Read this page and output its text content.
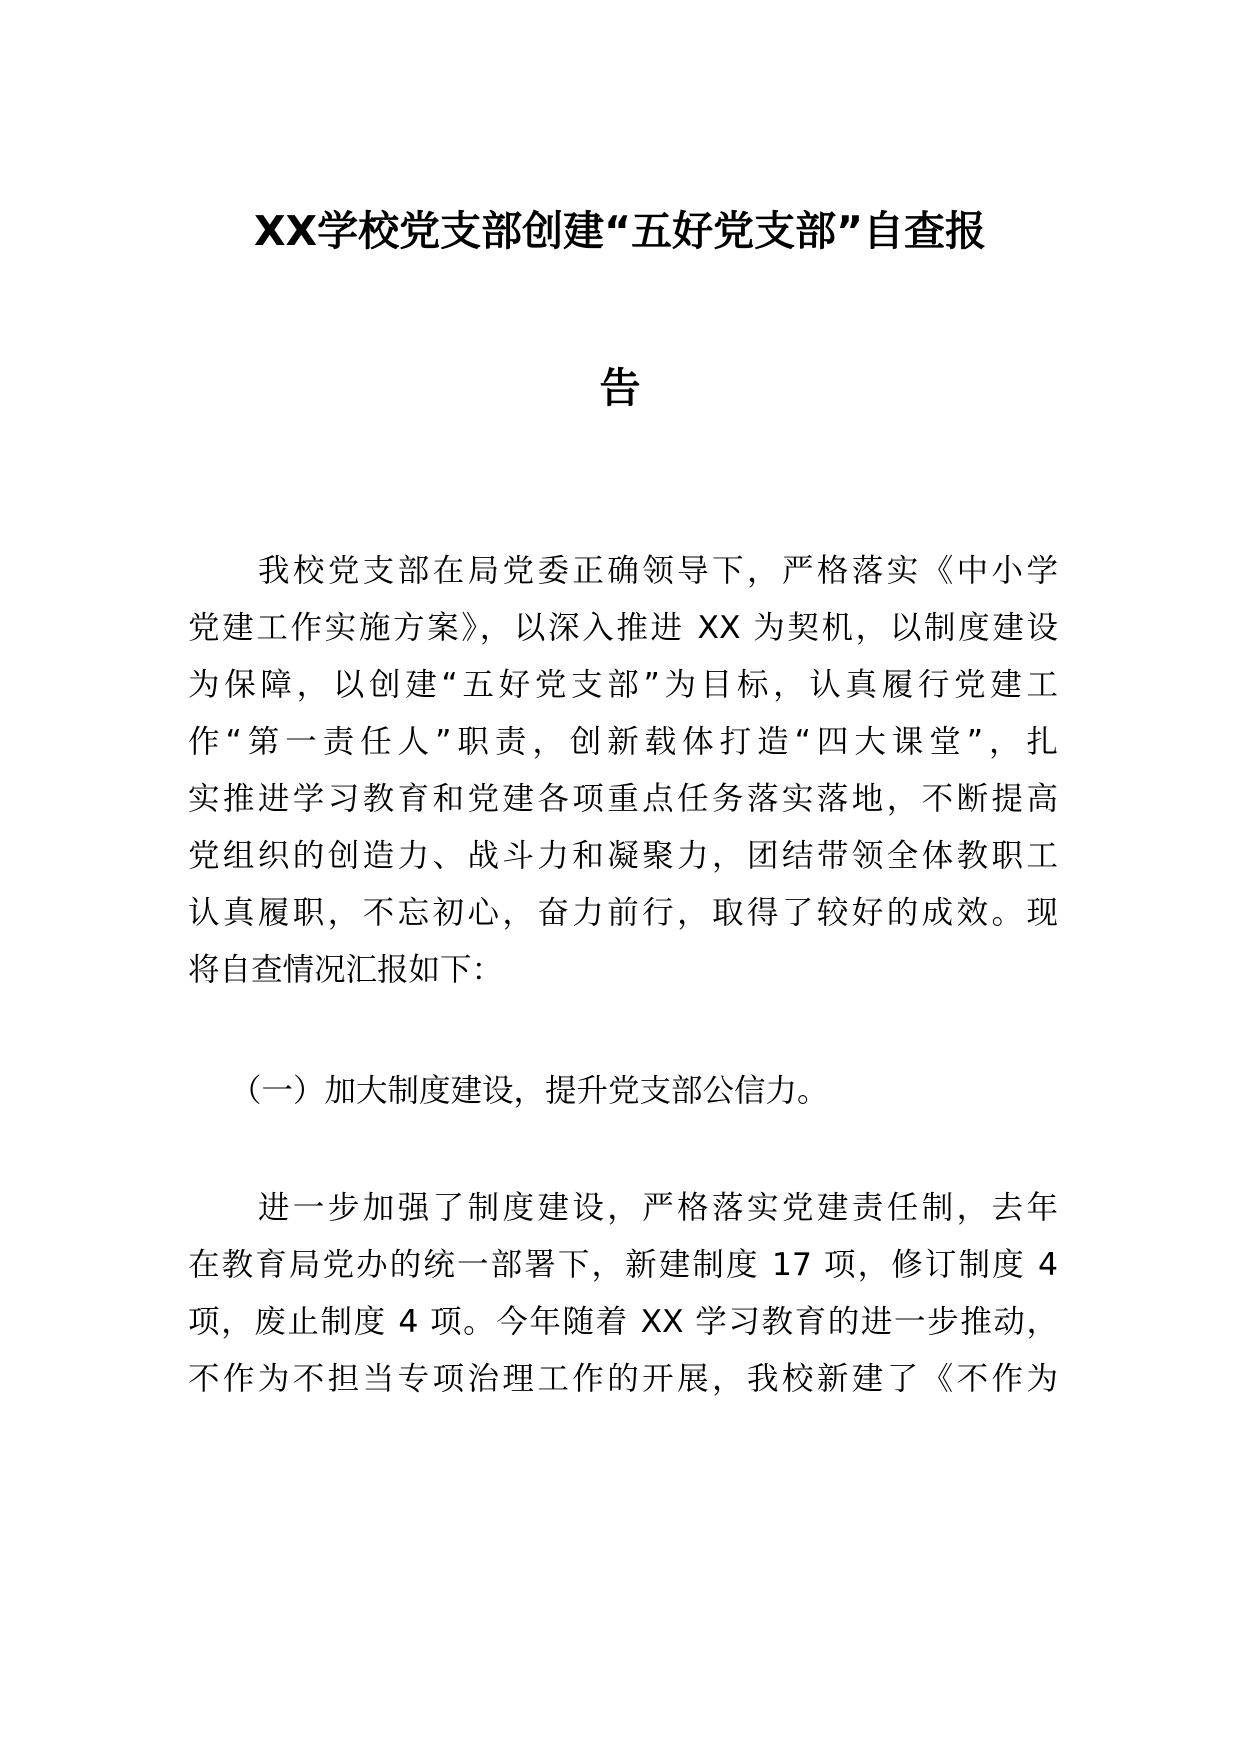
XX学校党支部创建“五好党支部”自查报
告
我校党支部在局党委正确领导下，严格落实《中小学
党建工作实施方案》，以深入推进 XX 为契机，以制度建设
为保障，以创建“五好党支部”为目标，认真履行党建工
作“第一责任人”职责，创新载体打造“四大课堂”，扎
实推进学习教育和党建各项重点任务落实落地，不断提高
党组织的创造力、战斗力和凝聚力，团结带领全体教职工
认真履职，不忘初心，奋力前行，取得了较好的成效。现
将自查情况汇报如下：
（一）加大制度建设，提升党支部公信力。
进一步加强了制度建设，严格落实党建责任制，去年
在教育局党办的统一部署下，新建制度 17 项，修订制度 4
项，废止制度 4 项。今年随着 XX 学习教育的进一步推动，
不作为不担当专项治理工作的开展，我校新建了《不作为
